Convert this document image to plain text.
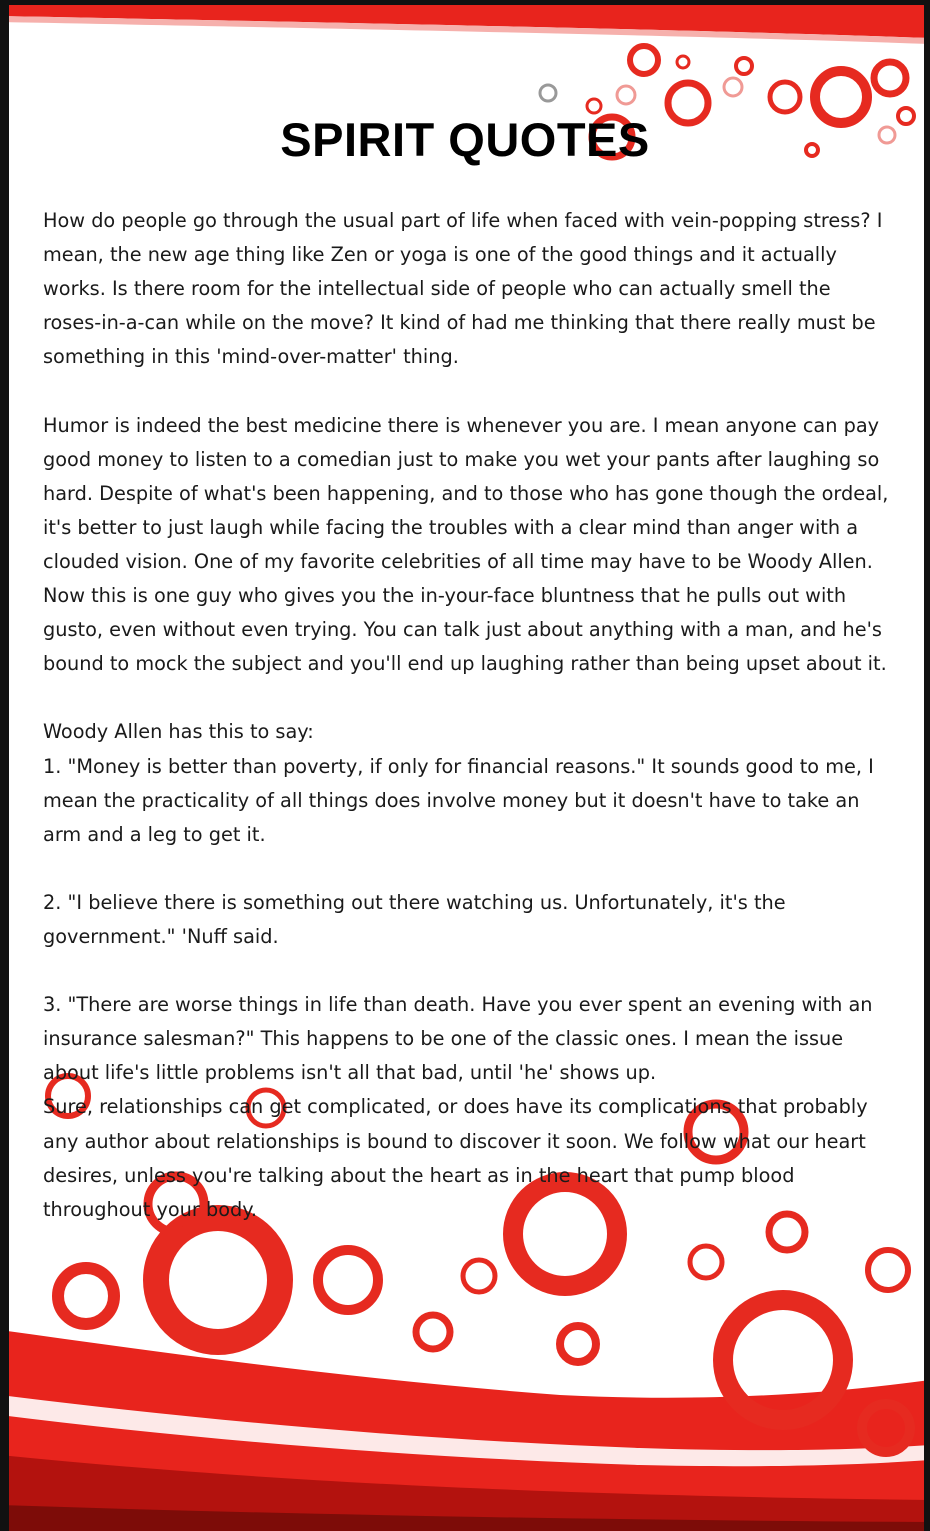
SPIRIT QUOTES

How do people go through the usual part of life when faced with vein-popping stress? I mean, the new age thing like Zen or yoga is one of the good things and it actually works. Is there room for the intellectual side of people who can actually smell the roses-in-a-can while on the move? It kind of had me thinking that there really must be something in this 'mind-over-matter' thing.

Humor is indeed the best medicine there is whenever you are. I mean anyone can pay good money to listen to a comedian just to make you wet your pants after laughing so hard. Despite of what's been happening, and to those who has gone though the ordeal, it's better to just laugh while facing the troubles with a clear mind than anger with a clouded vision. One of my favorite celebrities of all time may have to be Woody Allen. Now this is one guy who gives you the in-your-face bluntness that he pulls out with gusto, even without even trying. You can talk just about anything with a man, and he's bound to mock the subject and you'll end up laughing rather than being upset about it.

Woody Allen has this to say:

1. "Money is better than poverty, if only for financial reasons." It sounds good to me, I mean the practicality of all things does involve money but it doesn't have to take an arm and a leg to get it.

2. "I believe there is something out there watching us. Unfortunately, it's the government." 'Nuff said.

3. "There are worse things in life than death. Have you ever spent an evening with an insurance salesman?" This happens to be one of the classic ones. I mean the issue about life's little problems isn't all that bad, until 'he' shows up.

Sure, relationships can get complicated, or does have its complications that probably any author about relationships is bound to discover it soon. We follow what our heart desires, unless you're talking about the heart as in the heart that pump blood throughout your body.
